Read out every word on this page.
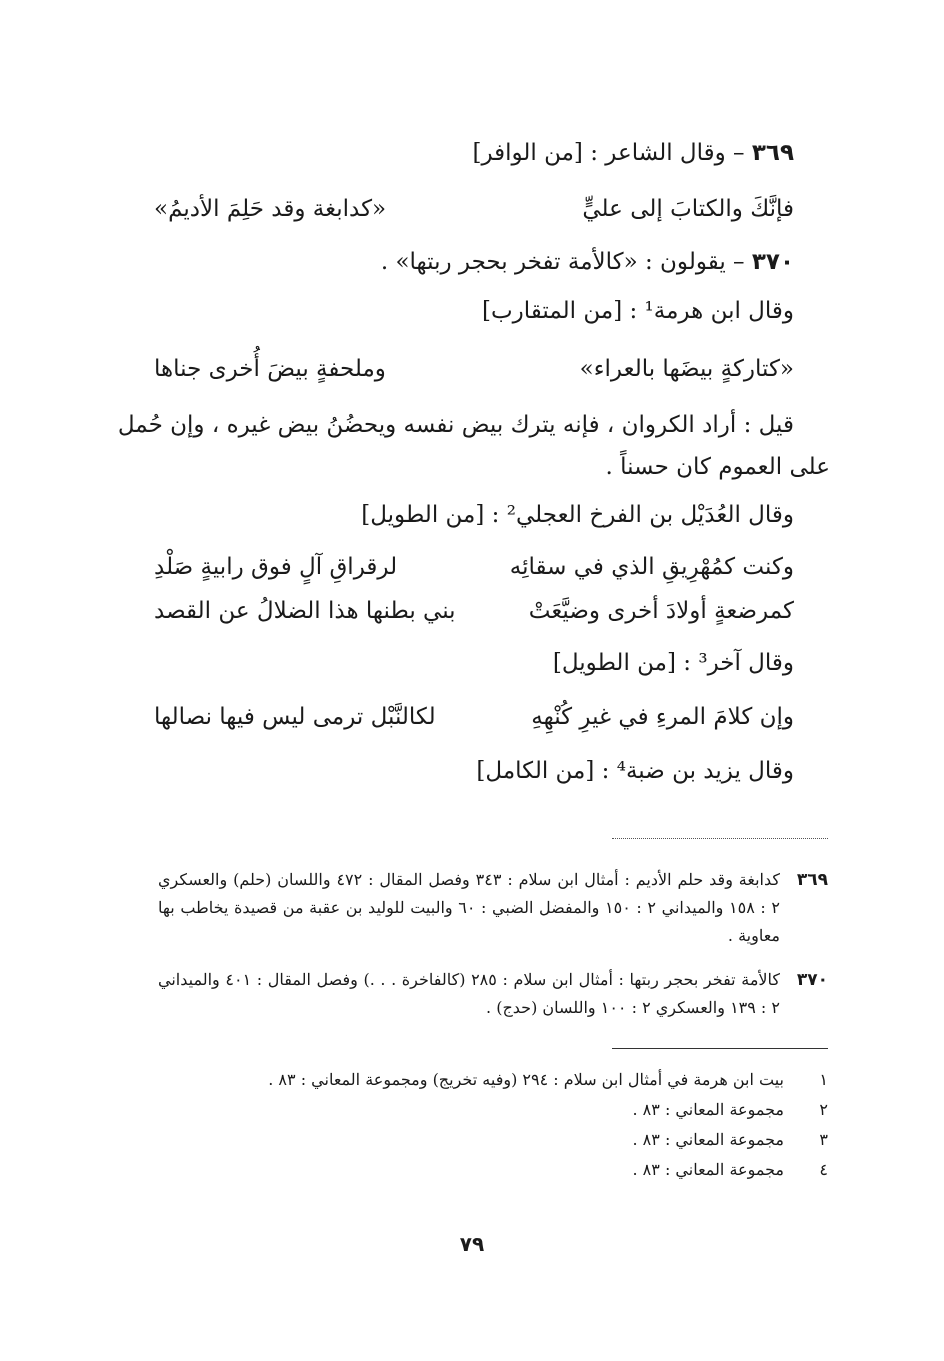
٣٦٩ – وقال الشاعر : [من الوافر]
فإنَّكَ والكتابَ إلى عليٍّ
«كدابغة وقد حَلِمَ الأديمُ»
٣٧٠ – يقولون : «كالأمة تفخر بحجر ربتها» .
وقال ابن هرمة¹ : [من المتقارب]
«كتاركةٍ بيضَها بالعراء»
وملحفةٍ بيضَ أُخرى جناها
قيل : أراد الكروان ، فإنه يترك بيض نفسه ويحضُنُ بيض غيره ، وإن حُمل
على العموم كان حسناً .
وقال العُدَيْل بن الفرخ العجلي² : [من الطويل]
وكنت كمُهْرِيقِ الذي في سقائِه
لرقراقِ آلٍ فوق رابيةٍ صَلْدِ
كمرضعةٍ أولادَ أخرى وضيَّعَتْ
بني بطنها هذا الضلالُ عن القصد
وقال آخر³ : [من الطويل]
وإن كلامَ المرءِ في غيرِ كُنْهِهِ
لكالنَّبْل ترمى ليس فيها نصالها
وقال يزيد بن ضبة⁴ : [من الكامل]
٣٦٩
كدابغة وقد حلم الأديم : أمثال ابن سلام : ٣٤٣ وفصل المقال : ٤٧٢ واللسان (حلم) والعسكري ٢ : ١٥٨ والميداني ٢ : ١٥٠ والمفضل الضبي : ٦٠ والبيت للوليد بن عقبة من قصيدة يخاطب بها معاوية .
٣٧٠
كالأمة تفخر بحجر ربتها : أمثال ابن سلام : ٢٨٥ (كالفاخرة . . .) وفصل المقال : ٤٠١ والميداني ٢ : ١٣٩ والعسكري ٢ : ١٠٠ واللسان (حدج) .
١بيت ابن هرمة في أمثال ابن سلام : ٢٩٤ (وفيه تخريج) ومجموعة المعاني : ٨٣ .
٢مجموعة المعاني : ٨٣ .
٣مجموعة المعاني : ٨٣ .
٤مجموعة المعاني : ٨٣ .
٧٩
